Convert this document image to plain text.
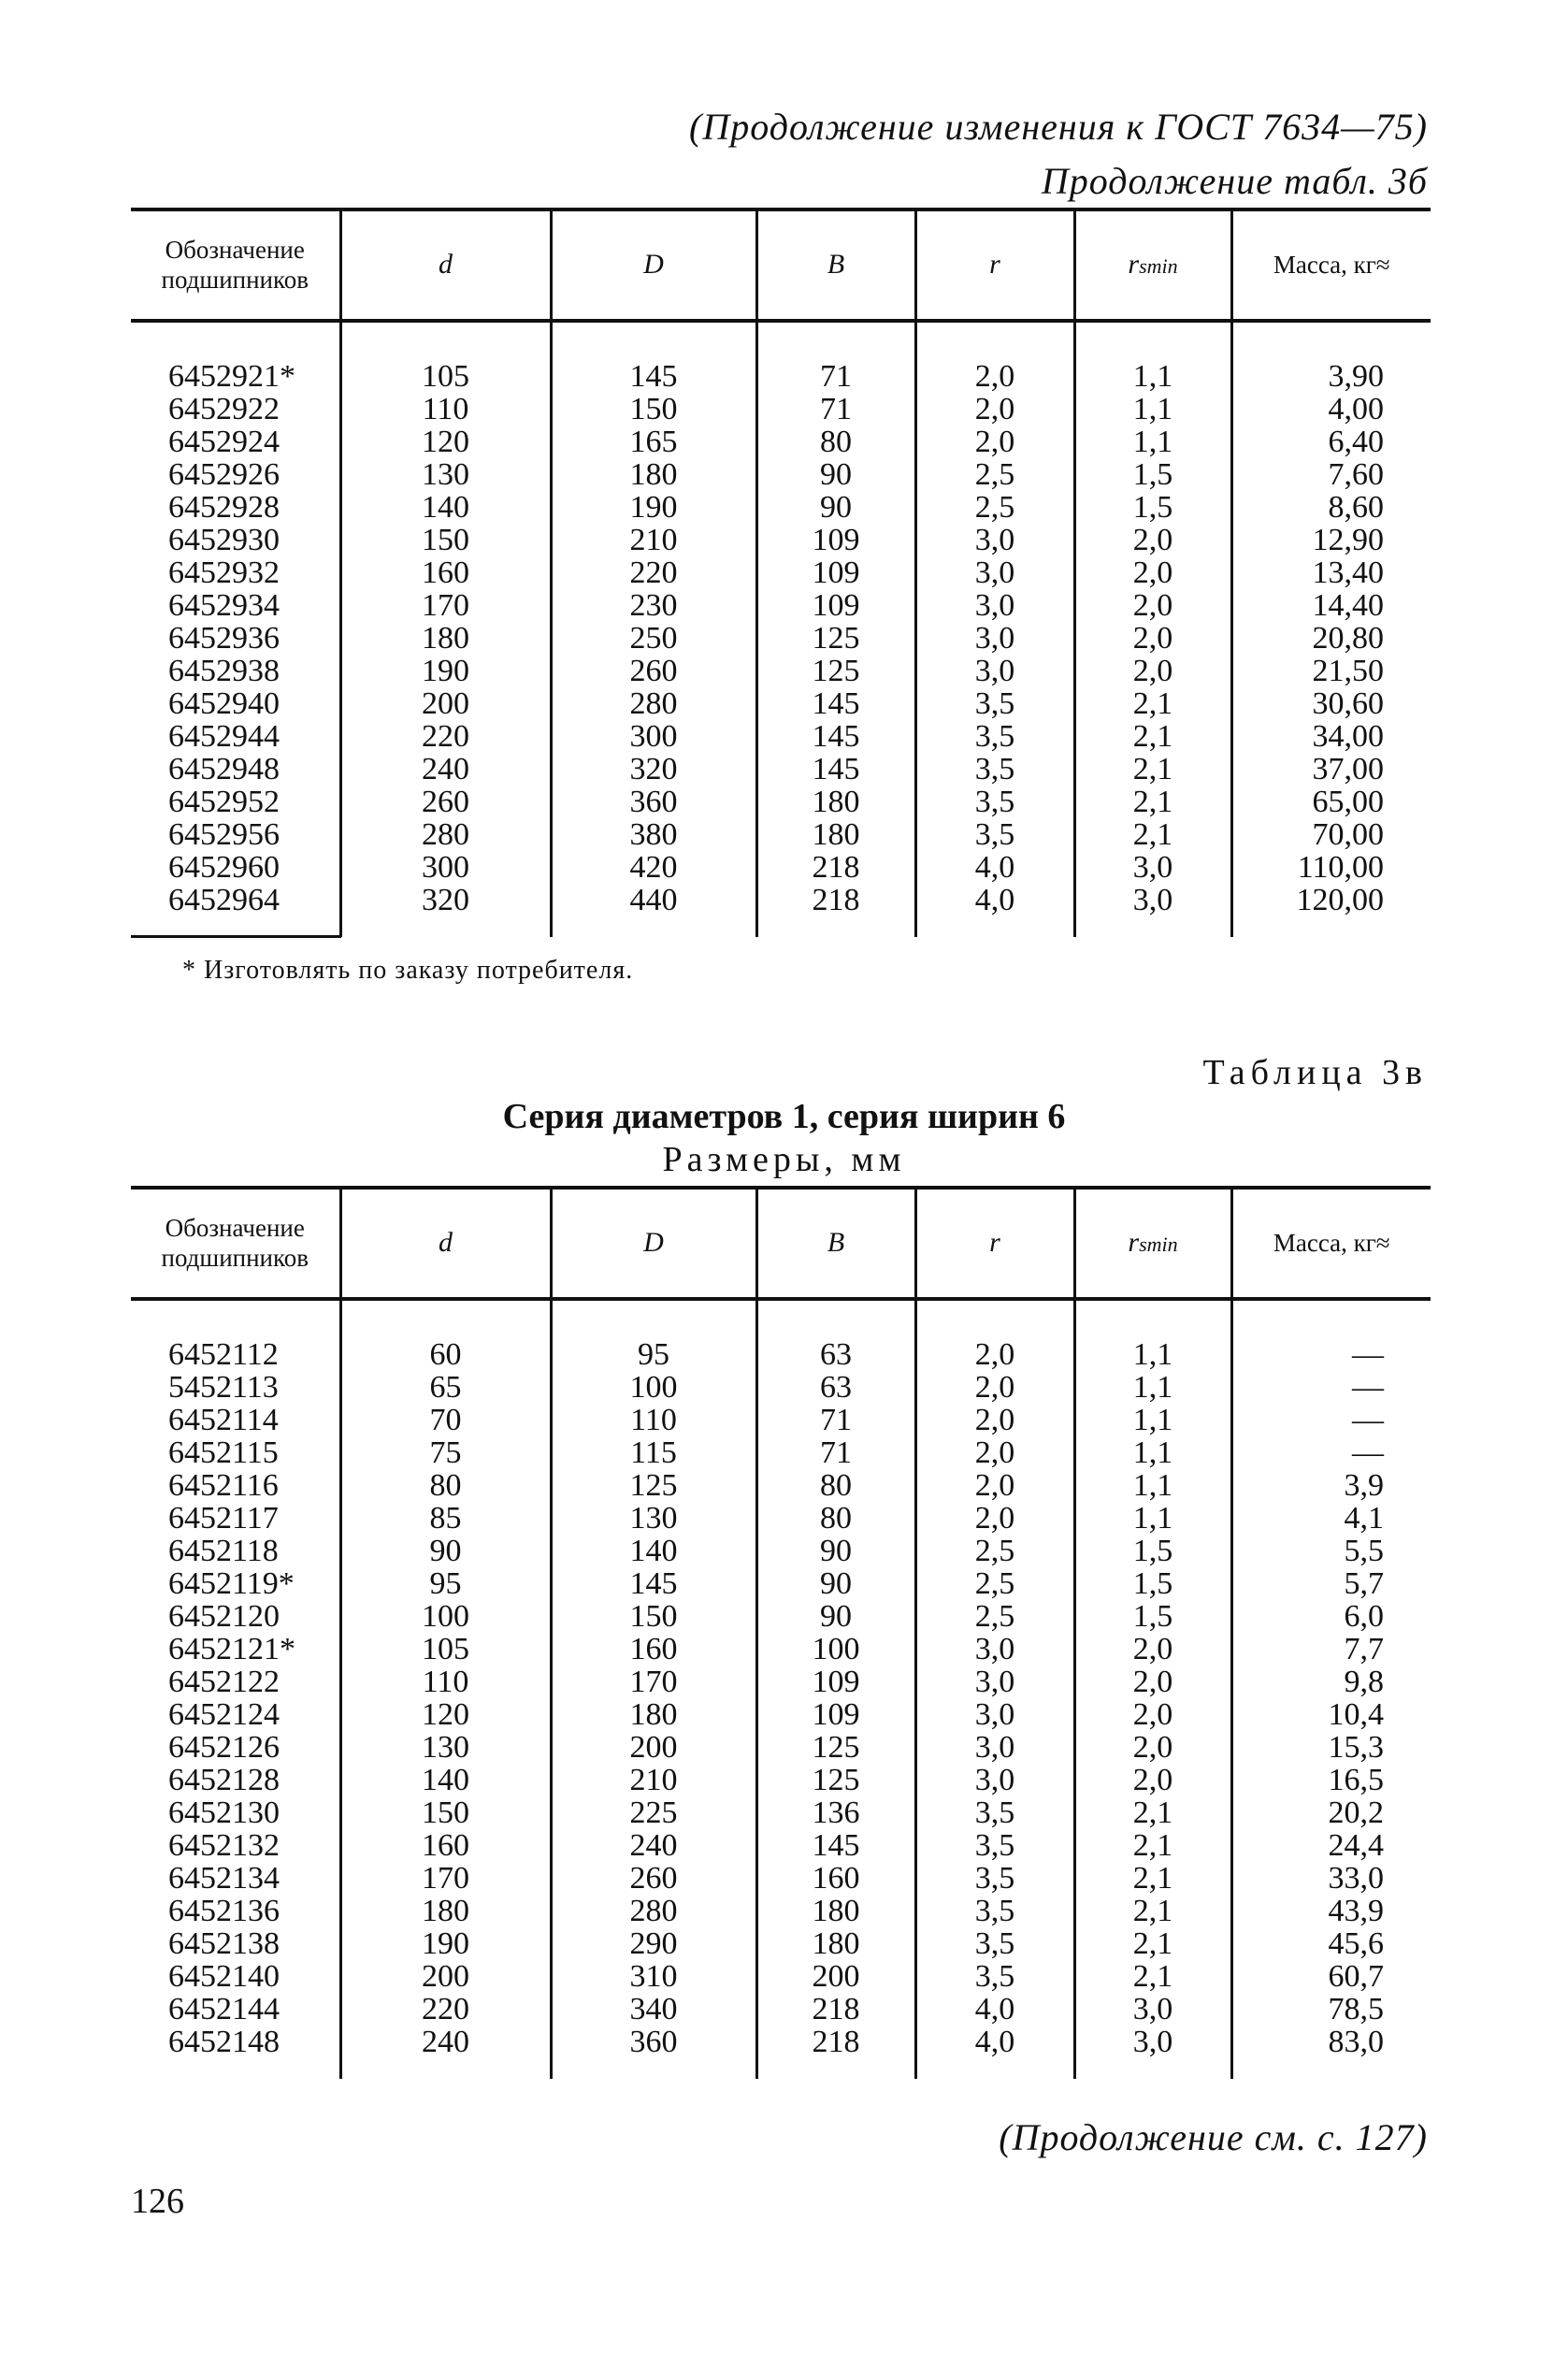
(Продолжение изменения к ГОСТ 7634—75)
Продолжение табл. 3б
Обозначение
подшипников	d	D	B	r	rsmin	Масса, кг≈

6452921*	105	145	71	2,0	1,1	3,90
6452922	110	150	71	2,0	1,1	4,00
6452924	120	165	80	2,0	1,1	6,40
6452926	130	180	90	2,5	1,5	7,60
6452928	140	190	90	2,5	1,5	8,60
6452930	150	210	109	3,0	2,0	12,90
6452932	160	220	109	3,0	2,0	13,40
6452934	170	230	109	3,0	2,0	14,40
6452936	180	250	125	3,0	2,0	20,80
6452938	190	260	125	3,0	2,0	21,50
6452940	200	280	145	3,5	2,1	30,60
6452944	220	300	145	3,5	2,1	34,00
6452948	240	320	145	3,5	2,1	37,00
6452952	260	360	180	3,5	2,1	65,00
6452956	280	380	180	3,5	2,1	70,00
6452960	300	420	218	4,0	3,0	110,00
6452964	320	440	218	4,0	3,0	120,00

* Изготовлять по заказу потребителя.
Таблица 3в
Серия диаметров 1, серия ширин 6
Размеры, мм
Обозначение
подшипников	d	D	B	r	rsmin	Масса, кг≈

6452112	60	95	63	2,0	1,1	—
5452113	65	100	63	2,0	1,1	—
6452114	70	110	71	2,0	1,1	—
6452115	75	115	71	2,0	1,1	—
6452116	80	125	80	2,0	1,1	3,9
6452117	85	130	80	2,0	1,1	4,1
6452118	90	140	90	2,5	1,5	5,5
6452119*	95	145	90	2,5	1,5	5,7
6452120	100	150	90	2,5	1,5	6,0
6452121*	105	160	100	3,0	2,0	7,7
6452122	110	170	109	3,0	2,0	9,8
6452124	120	180	109	3,0	2,0	10,4
6452126	130	200	125	3,0	2,0	15,3
6452128	140	210	125	3,0	2,0	16,5
6452130	150	225	136	3,5	2,1	20,2
6452132	160	240	145	3,5	2,1	24,4
6452134	170	260	160	3,5	2,1	33,0
6452136	180	280	180	3,5	2,1	43,9
6452138	190	290	180	3,5	2,1	45,6
6452140	200	310	200	3,5	2,1	60,7
6452144	220	340	218	4,0	3,0	78,5
6452148	240	360	218	4,0	3,0	83,0

(Продолжение см. с. 127)
126
